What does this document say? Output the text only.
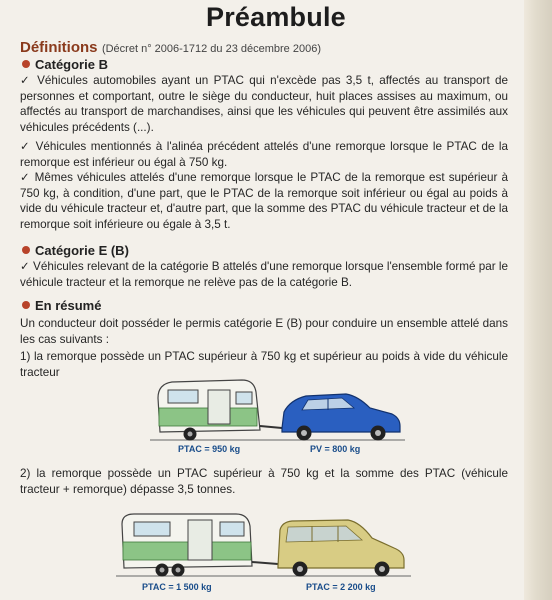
Préambule
Définitions (Décret n° 2006-1712 du 23 décembre 2006)
Catégorie B
✓ Véhicules automobiles ayant un PTAC qui n'excède pas 3,5 t, affectés au transport de personnes et comportant, outre le siège du conducteur, huit places assises au maximum, ou affectés au transport de marchandises, ainsi que les véhicules qui peuvent être assimilés aux véhicules précédents (...).
✓ Véhicules mentionnés à l'alinéa précédent attelés d'une remorque lorsque le PTAC de la remorque est inférieur ou égal à 750 kg.
✓ Mêmes véhicules attelés d'une remorque lorsque le PTAC de la remorque est supérieur à 750 kg, à condition, d'une part, que le PTAC de la remorque soit inférieur ou égal au poids à vide du véhicule tracteur et, d'autre part, que la somme des PTAC du véhicule tracteur et de la remorque soit inférieure ou égale à 3,5 t.
Catégorie E (B)
✓ Véhicules relevant de la catégorie B attelés d'une remorque lorsque l'ensemble formé par le véhicule tracteur et la remorque ne relève pas de la catégorie B.
En résumé
Un conducteur doit posséder le permis catégorie E (B) pour conduire un ensemble attelé dans les cas suivants :
1) la remorque possède un PTAC supérieur à 750 kg et supérieur au poids à vide du véhicule tracteur
PTAC = 950 kg	PV = 800 kg
2) la remorque possède un PTAC supérieur à 750 kg et la somme des PTAC (véhicule tracteur + remorque) dépasse 3,5 tonnes.
PTAC = 1 500 kg	PTAC = 2 200 kg
